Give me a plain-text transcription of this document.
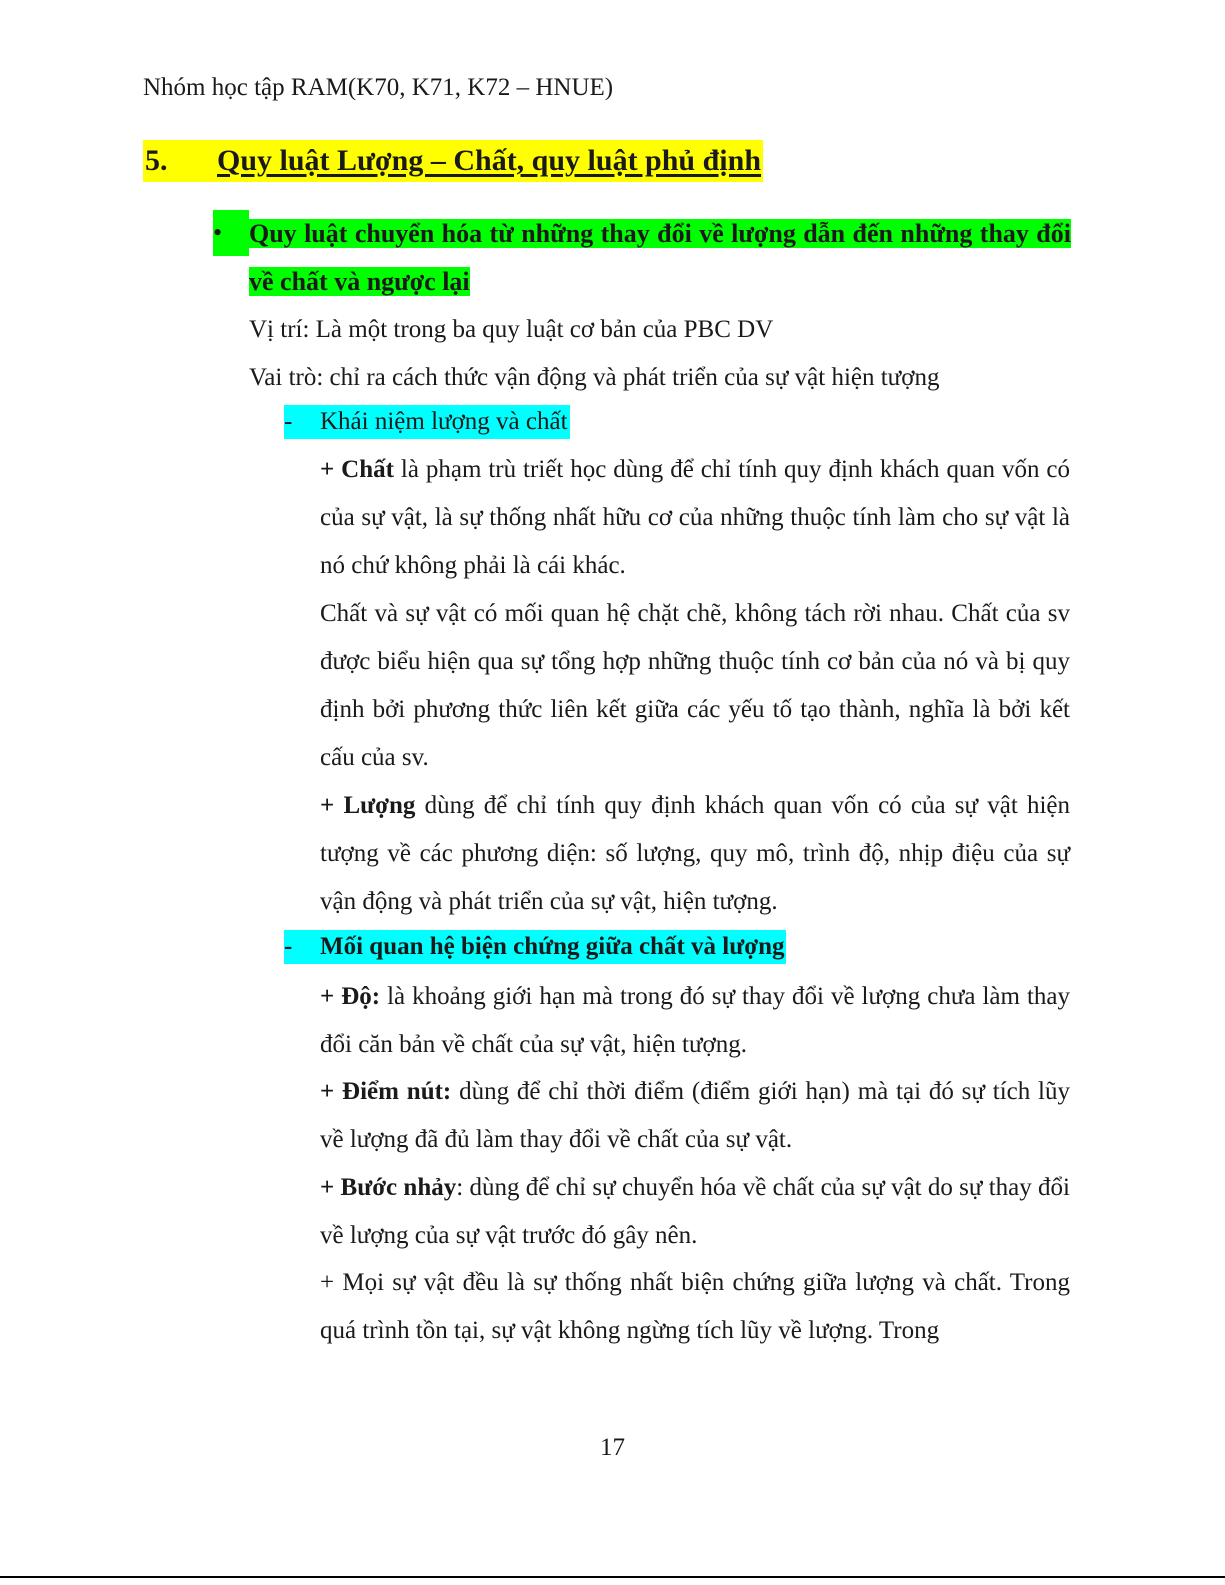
Nhóm học tập RAM(K70, K71, K72 – HNUE)
5. Quy luật Lượng – Chất, quy luật phủ định
•	Quy luật chuyển hóa từ những thay đổi về lượng dẫn đến những thay đổi về chất và ngược lại
Vị trí: Là một trong ba quy luật cơ bản của PBC DV
Vai trò: chỉ ra cách thức vận động và phát triển của sự vật hiện tượng
- Khái niệm lượng và chất
+ Chất là phạm trù triết học dùng để chỉ tính quy định khách quan vốn có của sự vật, là sự thống nhất hữu cơ của những thuộc tính làm cho sự vật là nó chứ không phải là cái khác.
Chất và sự vật có mối quan hệ chặt chẽ, không tách rời nhau. Chất của sv được biểu hiện qua sự tổng hợp những thuộc tính cơ bản của nó và bị quy định bởi phương thức liên kết giữa các yếu tố tạo thành, nghĩa là bởi kết cấu của sv.
+ Lượng dùng để chỉ tính quy định khách quan vốn có của sự vật hiện tượng về các phương diện: số lượng, quy mô, trình độ, nhịp điệu của sự vận động và phát triển của sự vật, hiện tượng.
- Mối quan hệ biện chứng giữa chất và lượng
+ Độ: là khoảng giới hạn mà trong đó sự thay đổi về lượng chưa làm thay đổi căn bản về chất của sự vật, hiện tượng.
+ Điểm nút: dùng để chỉ thời điểm (điểm giới hạn) mà tại đó sự tích lũy về lượng đã đủ làm thay đổi về chất của sự vật.
+ Bước nhảy: dùng để chỉ sự chuyển hóa về chất của sự vật do sự thay đổi về lượng của sự vật trước đó gây nên.
+ Mọi sự vật đều là sự thống nhất biện chứng giữa lượng và chất. Trong quá trình tồn tại, sự vật không ngừng tích lũy về lượng. Trong
17
